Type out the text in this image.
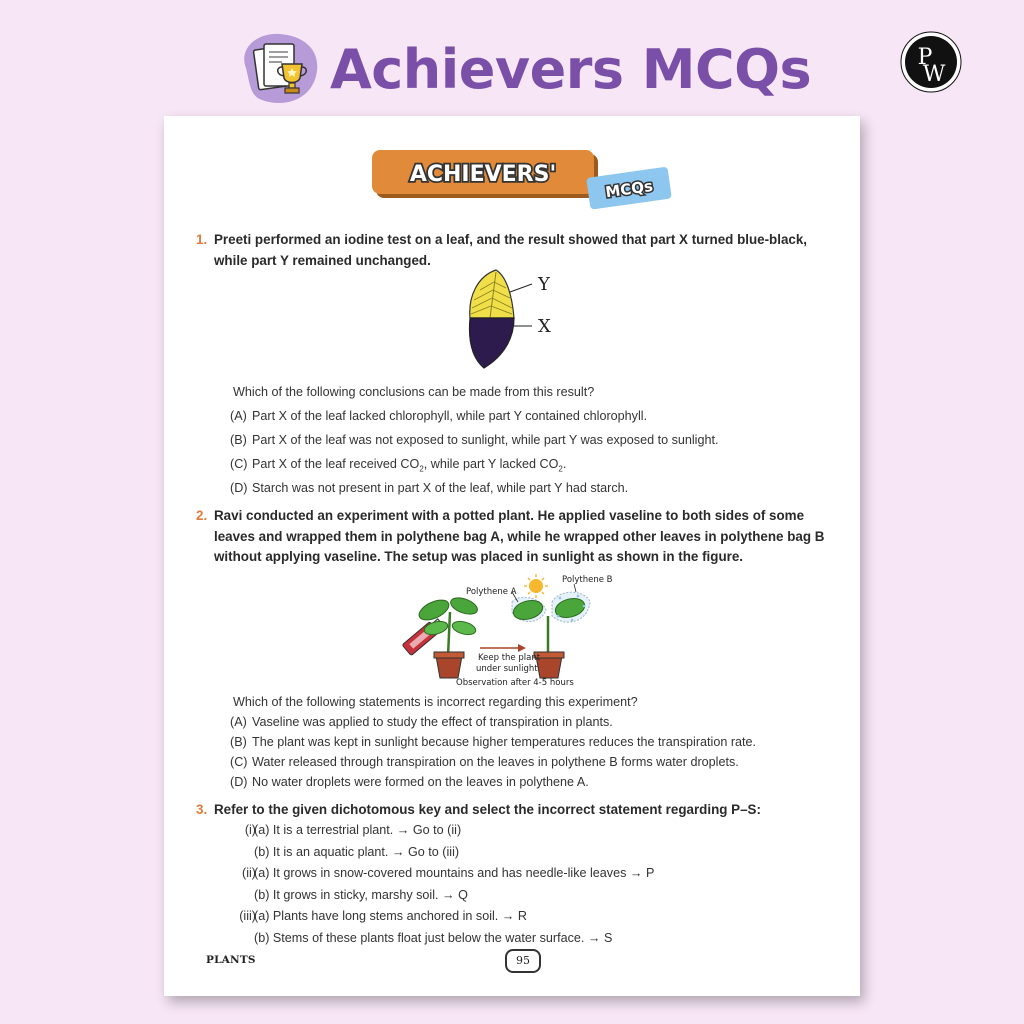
Achievers MCQs	P
W
ACHIEVERS'
MCQs
1. Preeti performed an iodine test on a leaf, and the result showed that part X turned blue-black,
while part Y remained unchanged.
Y
X
Which of the following conclusions can be made from this result?
(A) Part X of the leaf lacked chlorophyll, while part Y contained chlorophyll.
(B) Part X of the leaf was not exposed to sunlight, while part Y was exposed to sunlight.
(C) Part X of the leaf received $CO_2$, while part Y lacked $CO_2$.
(D) Starch was not present in part X of the leaf, while part Y had starch.
2. Ravi conducted an experiment with a potted plant. He applied vaseline to both sides of some
leaves and wrapped them in polythene bag A, while he wrapped other leaves in polythene bag B
without applying vaseline. The setup was placed in sunlight as shown in the figure.
Polythene A
Polythene B
Keep the plant
under sunlight
Observation after 4-5 hours
Which of the following statements is incorrect regarding this experiment?
(A) Vaseline was applied to study the effect of transpiration in plants.
(B) The plant was kept in sunlight because higher temperatures reduces the transpiration rate.
(C) Water released through transpiration on the leaves in polythene B forms water droplets.
(D) No water droplets were formed on the leaves in polythene A.
3. Refer to the given dichotomous key and select the incorrect statement regarding P–S:
(i)
(a) It is a terrestrial plant. → Go to (ii)
(b) It is an aquatic plant. → Go to (iii)
(ii)
(a) It grows in snow-covered mountains and has needle-like leaves → P
(b) It grows in sticky, marshy soil. → Q
(iii)
(a) Plants have long stems anchored in soil. → R
(b) Stems of these plants float just below the water surface. → S
PLANTS	95
